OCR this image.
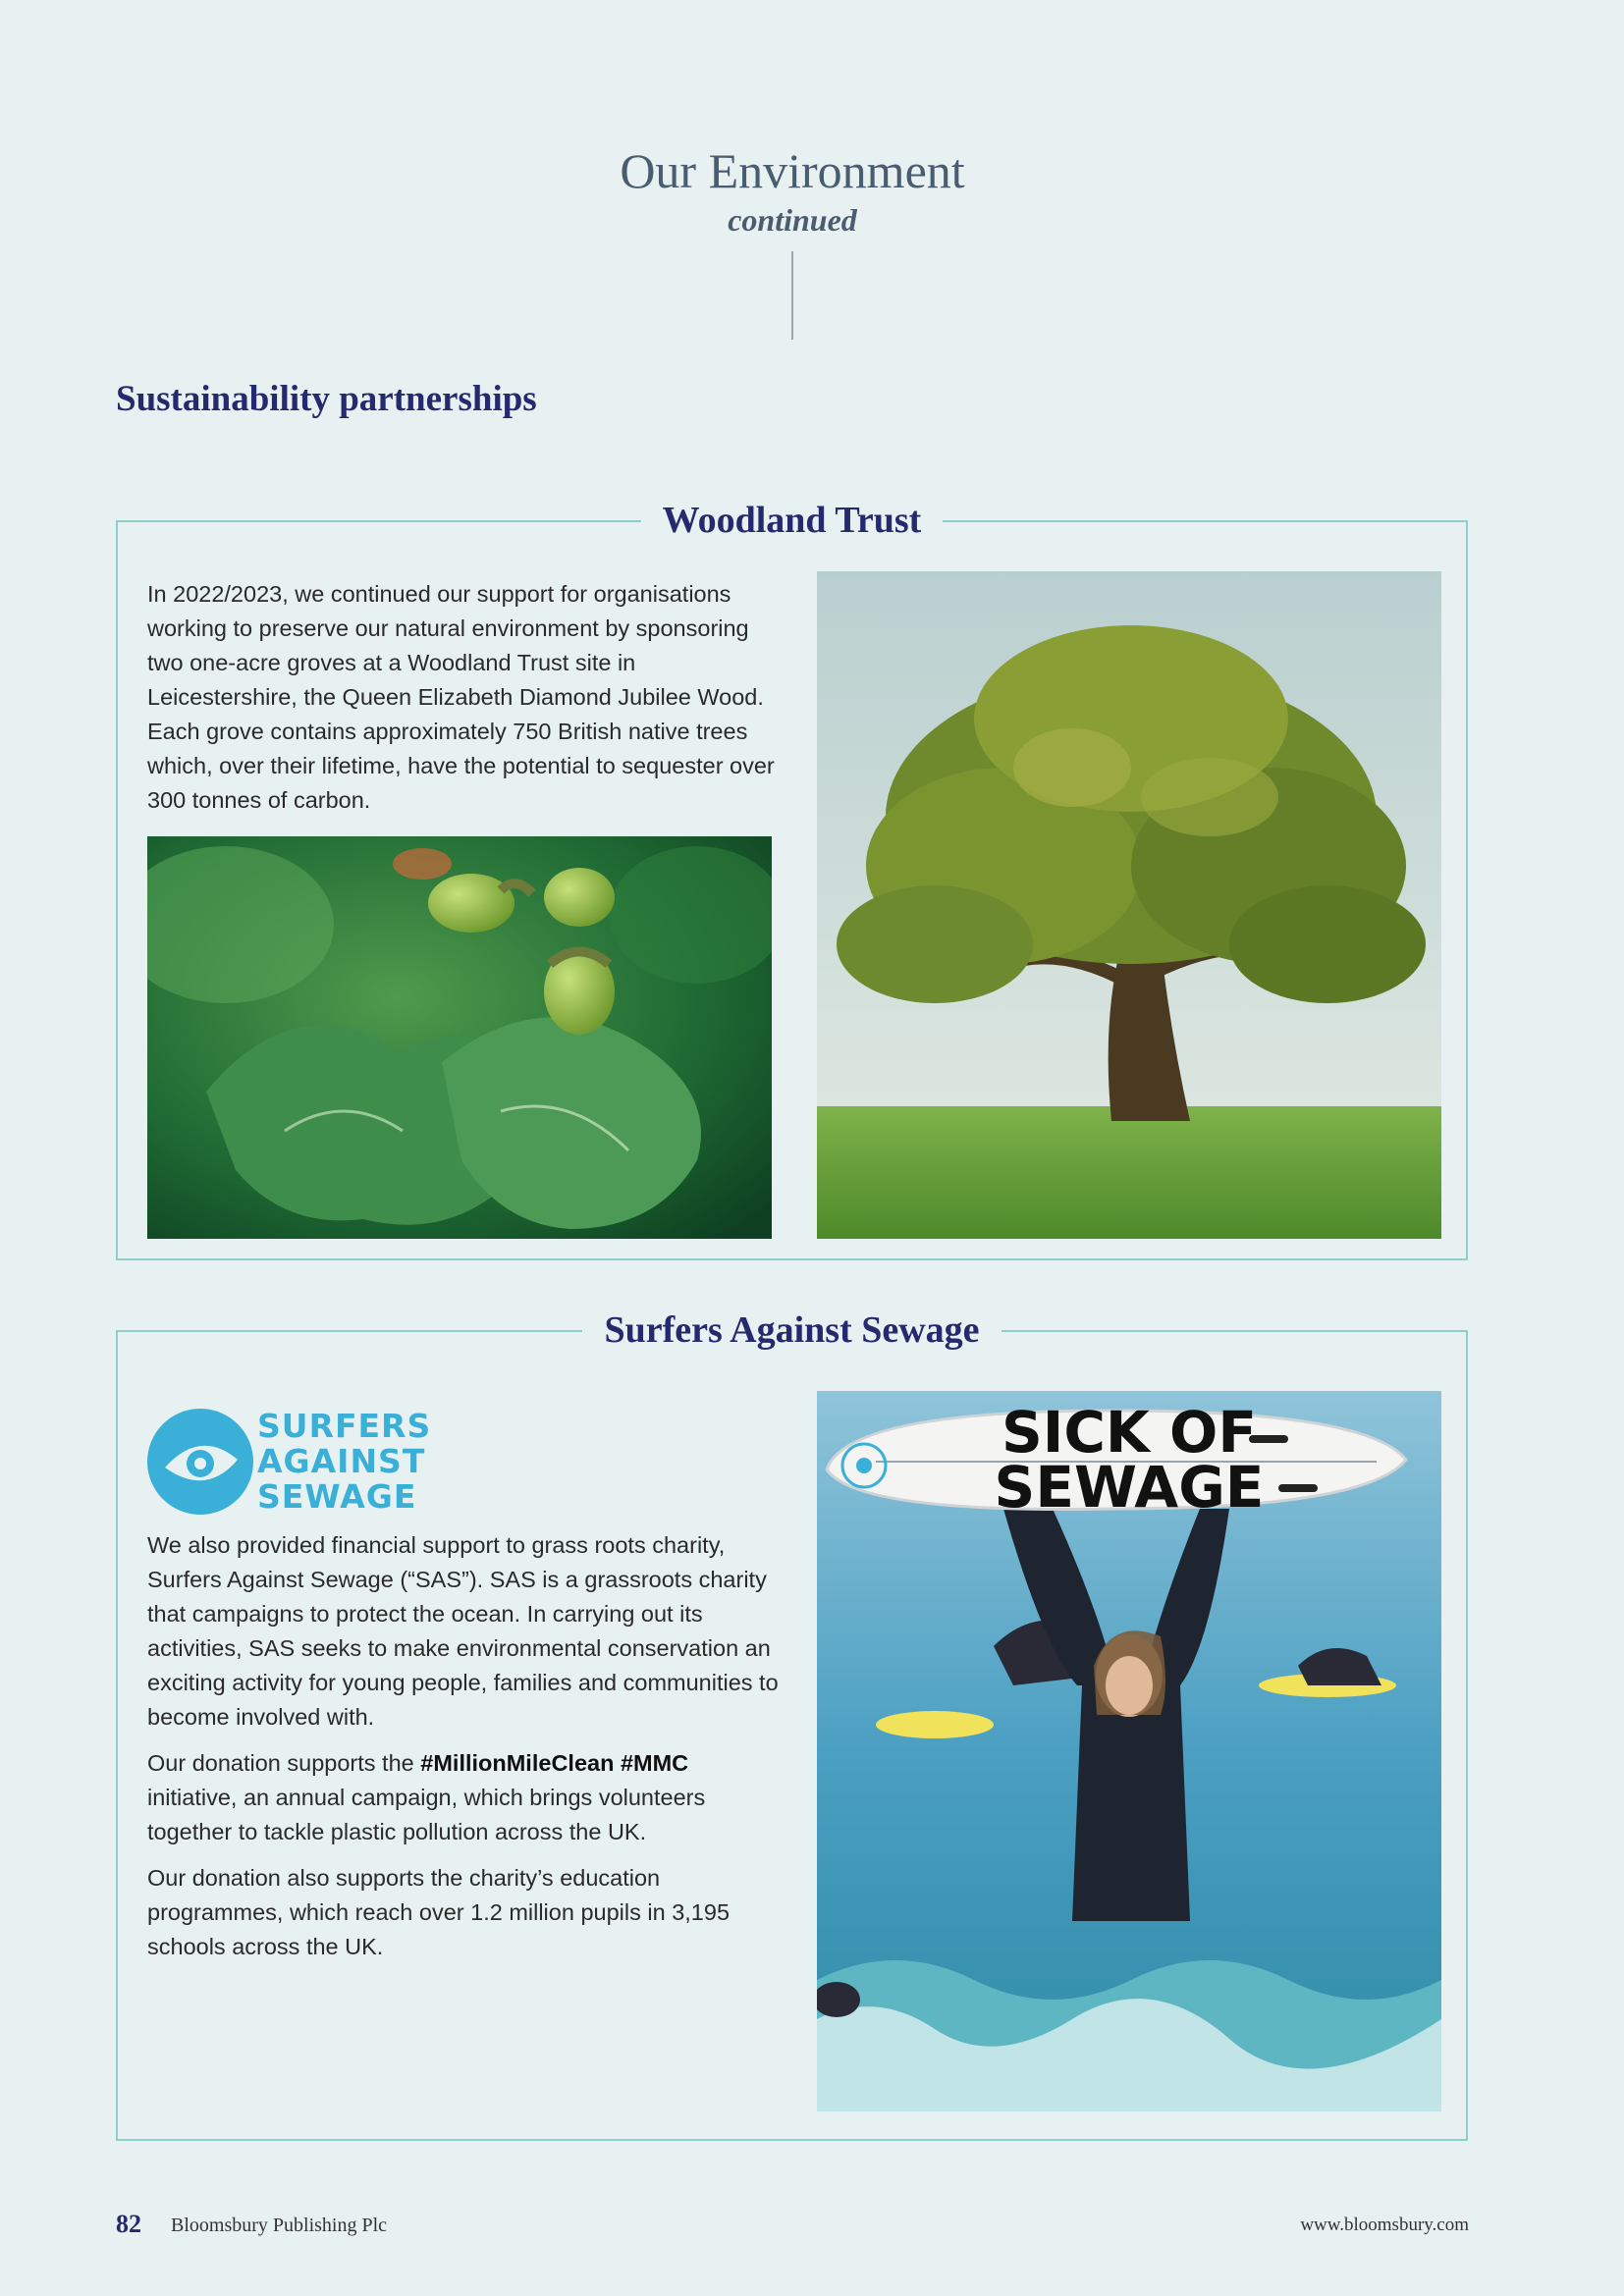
Our Environment
continued
Sustainability partnerships
Woodland Trust

In 2022/2023, we continued our support for organisations working to preserve our natural environment by sponsoring two one-acre groves at a Woodland Trust site in Leicestershire, the Queen Elizabeth Diamond Jubilee Wood. Each grove contains approximately 750 British native trees which, over their lifetime, have the potential to sequester over 300 tonnes of carbon.

Surfers Against Sewage
SURFERS
AGAINST
SEWAGE

We also provided financial support to grass roots charity, Surfers Against Sewage (“SAS”). SAS is a grassroots charity that campaigns to protect the ocean. In carrying out its activities, SAS seeks to make environmental conservation an exciting activity for young people, families and communities to become involved with.

Our donation supports the #MillionMileClean #MMC initiative, an annual campaign, which brings volunteers together to tackle plastic pollution across the UK.

Our donation also supports the charity’s education programmes, which reach over 1.2 million pupils in 3,195 schools across the UK.

SICK OF
SEWAGE
82 Bloomsbury Publishing Plc	www.bloomsbury.com
